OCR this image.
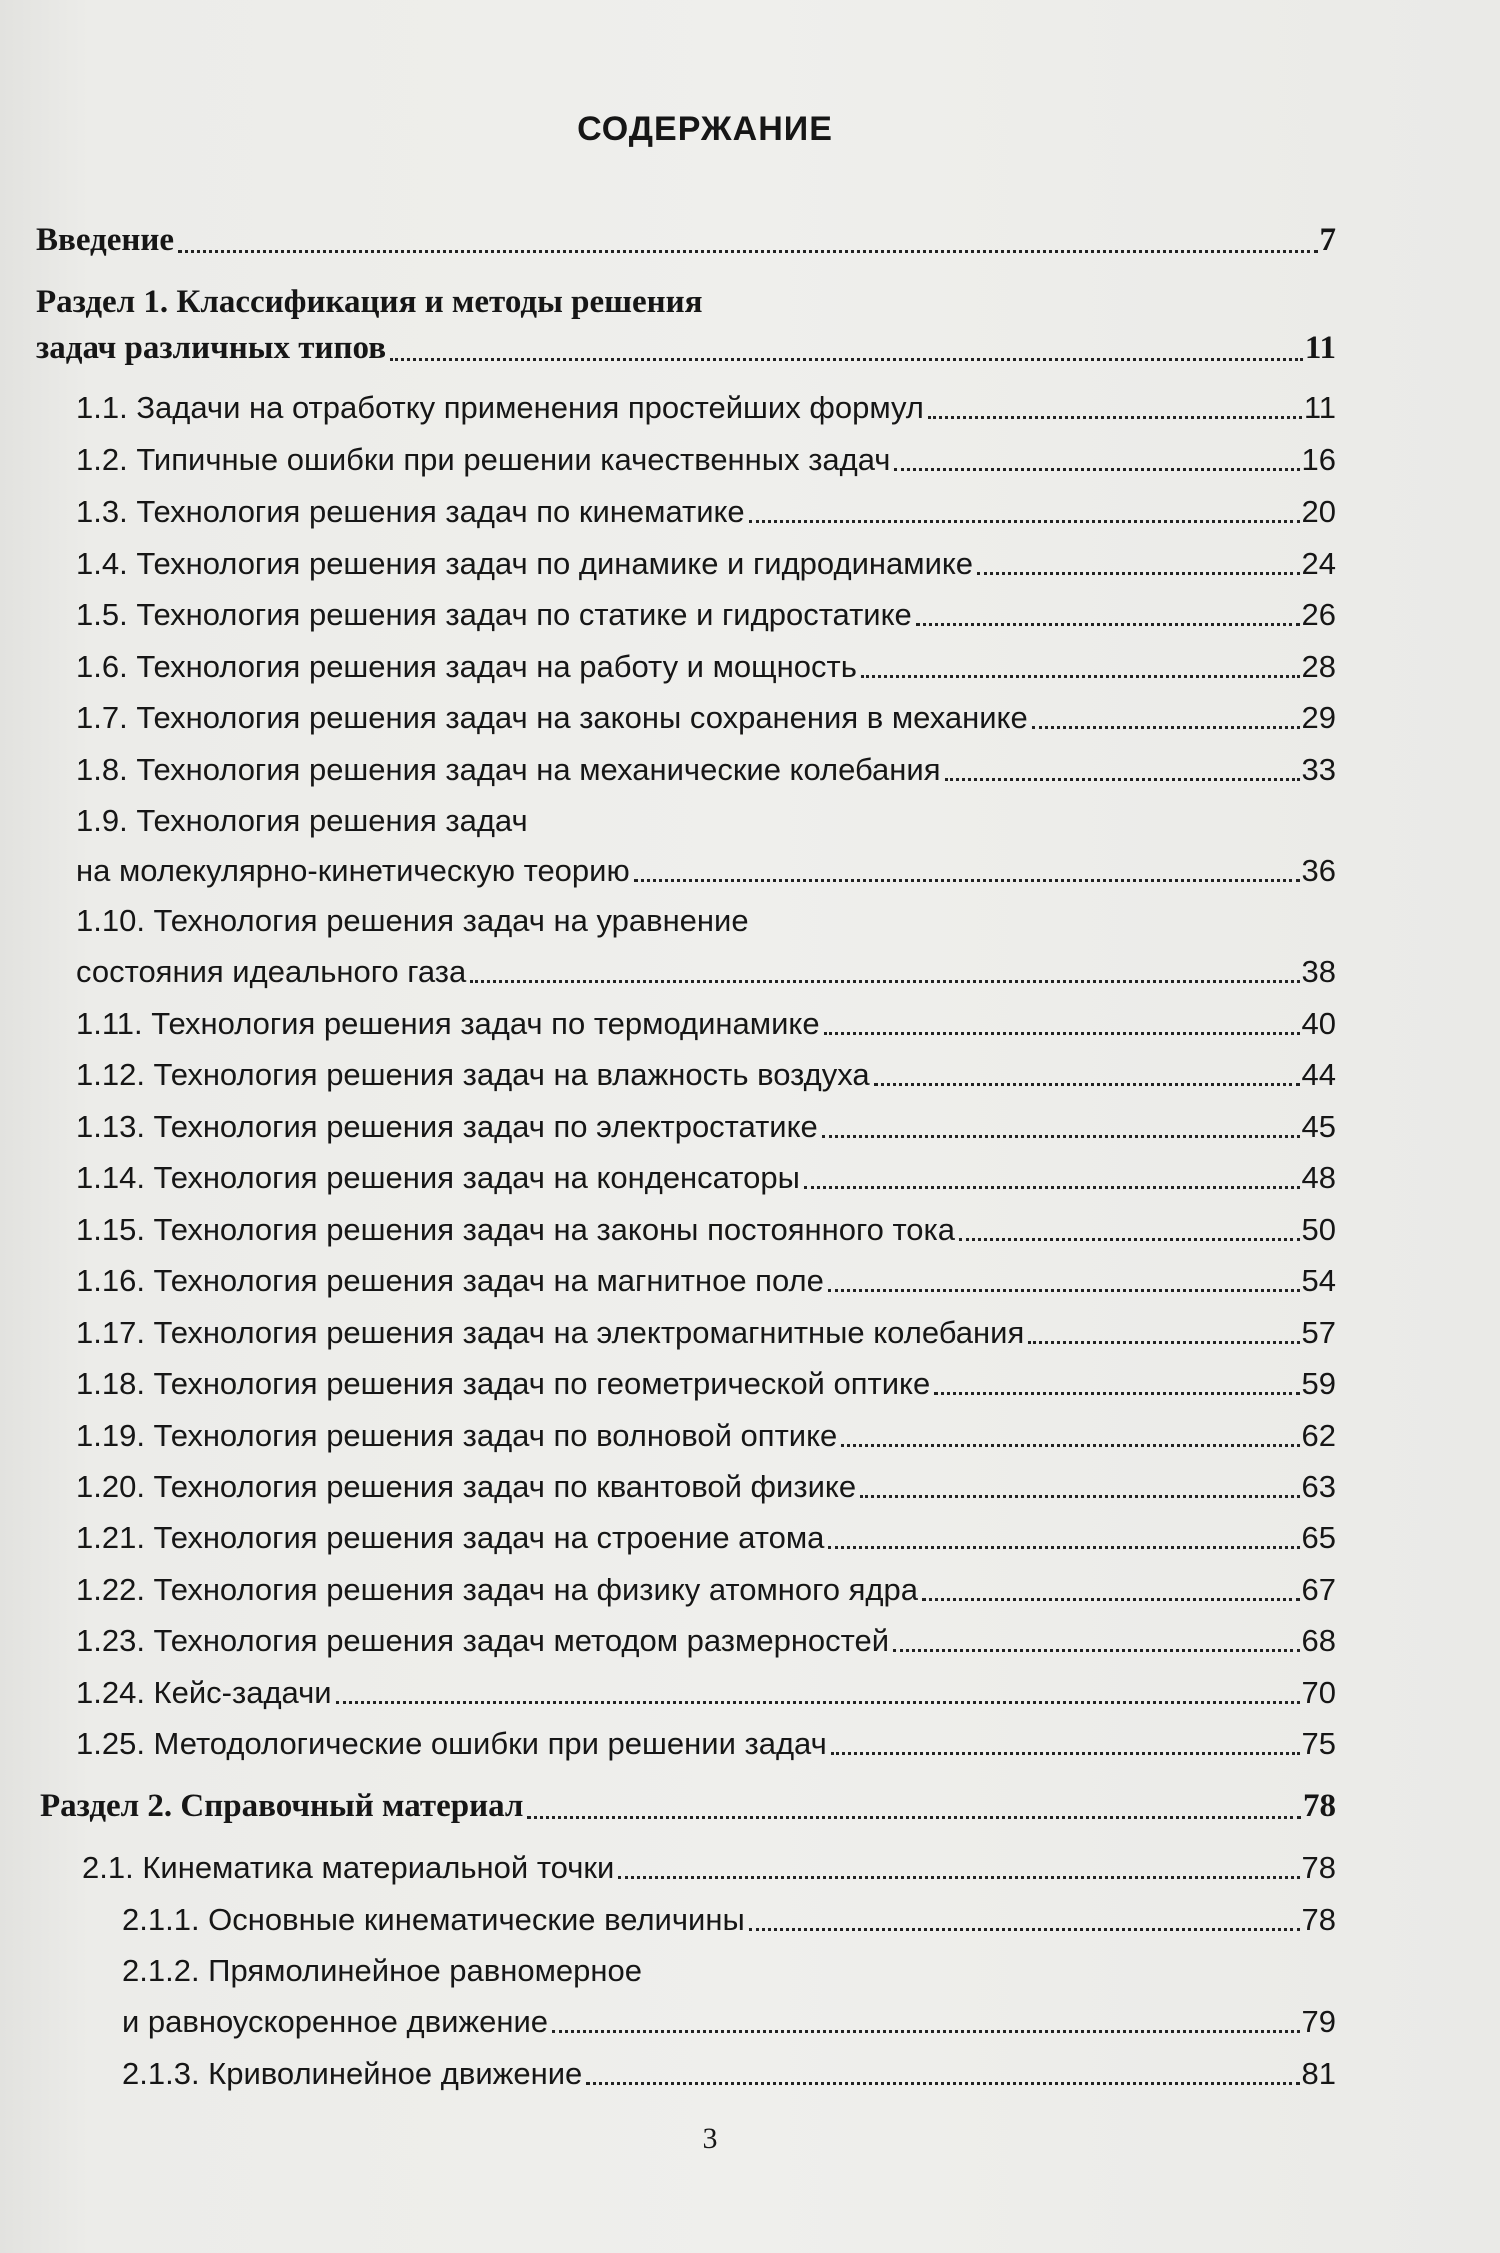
СОДЕРЖАНИЕ
Введение	7
Раздел 1. Классификация и методы решения
задач различных типов	11
1.1. Задачи на отработку применения простейших формул	11
1.2. Типичные ошибки при решении качественных задач	16
1.3. Технология решения задач по кинематике	20
1.4. Технология решения задач по динамике и гидродинамике	24
1.5. Технология решения задач по статике и гидростатике	26
1.6. Технология решения задач на работу и мощность	28
1.7. Технология решения задач на законы сохранения в механике	29
1.8. Технология решения задач на механические колебания	33
1.9. Технология решения задач
на молекулярно-кинетическую теорию	36
1.10. Технология решения задач на уравнение
состояния идеального газа	38
1.11. Технология решения задач по термодинамике	40
1.12. Технология решения задач на влажность воздуха	44
1.13. Технология решения задач по электростатике	45
1.14. Технология решения задач на конденсаторы	48
1.15. Технология решения задач на законы постоянного тока	50
1.16. Технология решения задач на магнитное поле	54
1.17. Технология решения задач на электромагнитные колебания	57
1.18. Технология решения задач по геометрической оптике	59
1.19. Технология решения задач по волновой оптике	62
1.20. Технология решения задач по квантовой физике	63
1.21. Технология решения задач на строение атома	65
1.22. Технология решения задач на физику атомного ядра	67
1.23. Технология решения задач методом размерностей	68
1.24. Кейс-задачи	70
1.25. Методологические ошибки при решении задач	75
Раздел 2. Справочный материал	78
2.1. Кинематика материальной точки	78
2.1.1. Основные кинематические величины	78
2.1.2. Прямолинейное равномерное
и равноускоренное движение	79
2.1.3. Криволинейное движение	81
3
